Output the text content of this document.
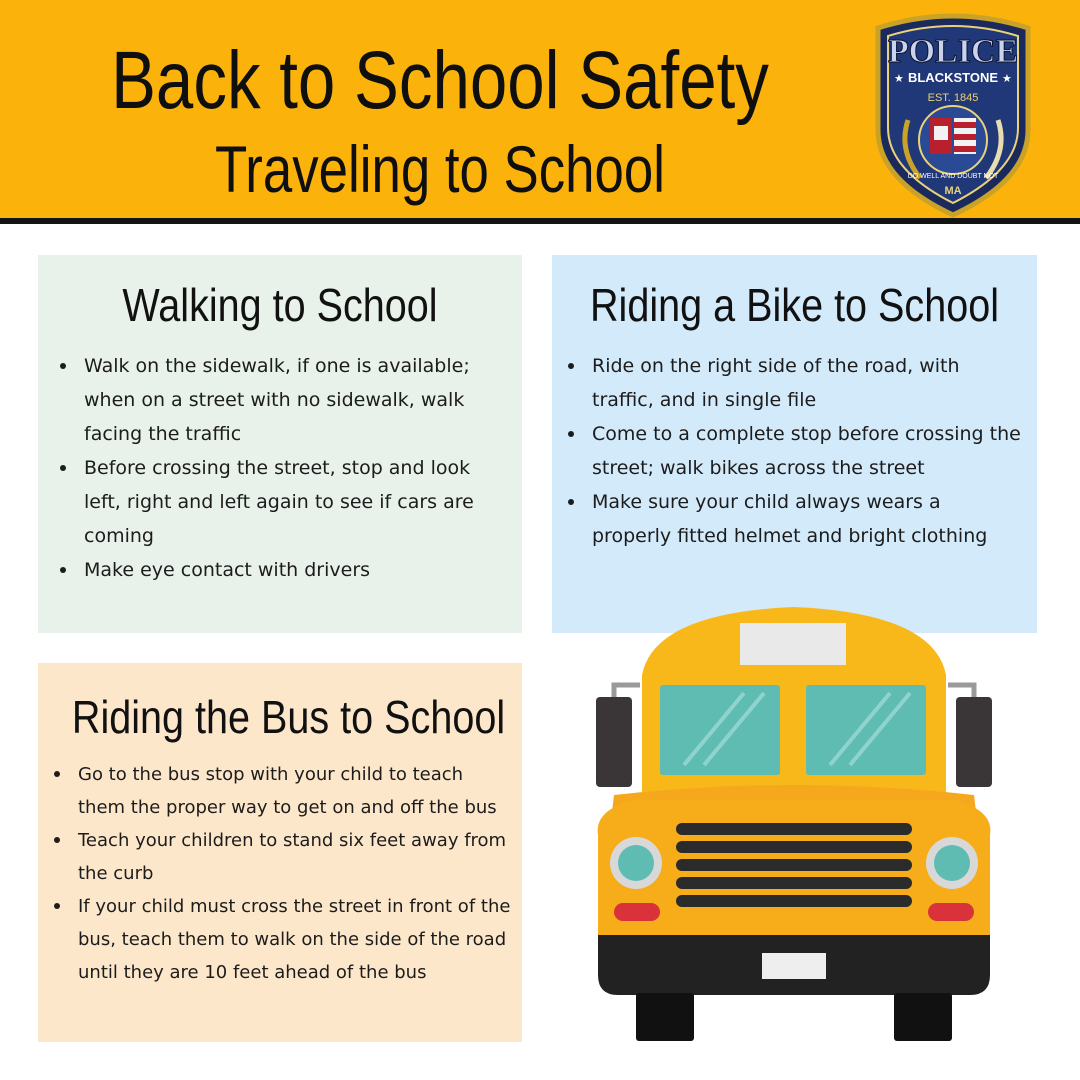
Back to School Safety
Traveling to School
POLICE
BLACKSTONE
★	★
EST. 1845
DO WELL AND DOUBT NOT
MA
Walking to School
Walk on the sidewalk, if one is available; when on a street with no sidewalk, walk facing the traffic
Before crossing the street, stop and look left, right and left again to see if cars are coming
Make eye contact with drivers
Riding a Bike to School
Ride on the right side of the road, with traffic, and in single file
Come to a complete stop before crossing the street; walk bikes across the street
Make sure your child always wears a properly fitted helmet and bright clothing
Riding the Bus to School
Go to the bus stop with your child to teach them the proper way to get on and off the bus
Teach your children to stand six feet away from the curb
If your child must cross the street in front of the bus, teach them to walk on the side of the road until they are 10 feet ahead of the bus
